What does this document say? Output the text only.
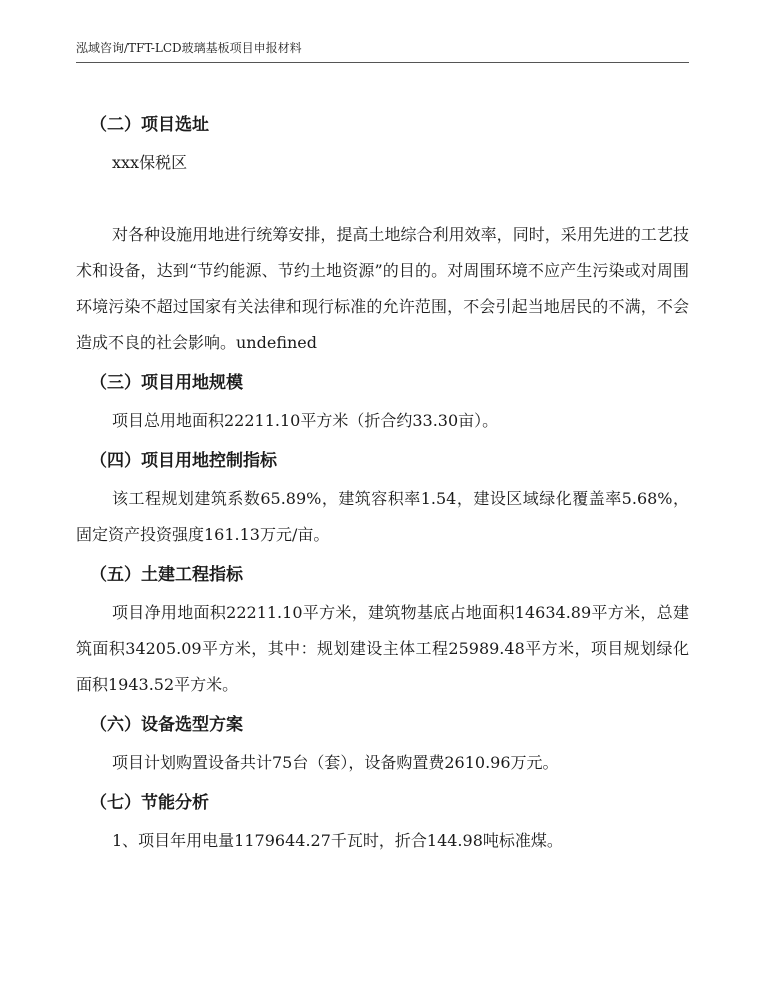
泓域咨询/TFT-LCD玻璃基板项目申报材料
（二）项目选址

xxx保税区

对各种设施用地进行统筹安排，提高土地综合利用效率，同时，采用先进的工艺技术和设备，达到“节约能源、节约土地资源”的目的。对周围环境不应产生污染或对周围环境污染不超过国家有关法律和现行标准的允许范围，不会引起当地居民的不满，不会造成不良的社会影响。undefined

（三）项目用地规模

项目总用地面积22211.10平方米（折合约33.30亩）。

（四）项目用地控制指标

该工程规划建筑系数65.89%，建筑容积率1.54，建设区域绿化覆盖率5.68%，固定资产投资强度161.13万元/亩。

（五）土建工程指标

项目净用地面积22211.10平方米，建筑物基底占地面积14634.89平方米，总建筑面积34205.09平方米，其中：规划建设主体工程25989.48平方米，项目规划绿化面积1943.52平方米。

（六）设备选型方案

项目计划购置设备共计75台（套），设备购置费2610.96万元。

（七）节能分析

1、项目年用电量1179644.27千瓦时，折合144.98吨标准煤。
